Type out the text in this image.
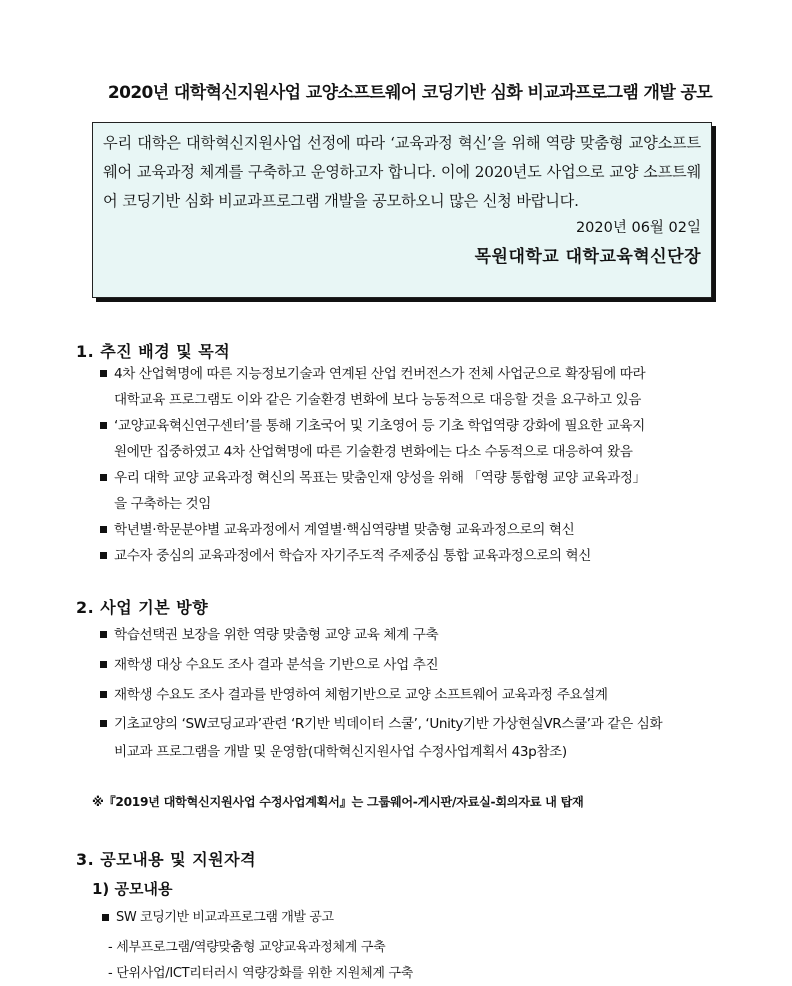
2020년 대학혁신지원사업 교양소프트웨어 코딩기반 심화 비교과프로그램 개발 공모

우리 대학은 대학혁신지원사업 선정에 따라 ‘교육과정 혁신’을 위해 역량 맞춤형 교양소프트웨어 교육과정 체계를 구축하고 운영하고자 합니다. 이에 2020년도 사업으로 교양 소프트웨어 코딩기반 심화 비교과프로그램 개발을 공모하오니 많은 신청 바랍니다.

2020년 06월 02일
목원대학교 대학교육혁신단장
1. 추진 배경 및 목적
4차 산업혁명에 따른 지능정보기술과 연계된 산업 컨버전스가 전체 사업군으로 확장됨에 따라
대학교육 프로그램도 이와 같은 기술환경 변화에 보다 능동적으로 대응할 것을 요구하고 있음
‘교양교육혁신연구센터’를 통해 기초국어 및 기초영어 등 기초 학업역량 강화에 필요한 교육지
원에만 집중하였고 4차 산업혁명에 따른 기술환경 변화에는 다소 수동적으로 대응하여 왔음
우리 대학 교양 교육과정 혁신의 목표는 맞춤인재 양성을 위해 「역량 통합형 교양 교육과정」
을 구축하는 것임
학년별·학문분야별 교육과정에서 계열별·핵심역량별 맞춤형 교육과정으로의 혁신
교수자 중심의 교육과정에서 학습자 자기주도적 주제중심 통합 교육과정으로의 혁신
2. 사업 기본 방향
학습선택권 보장을 위한 역량 맞춤형 교양 교육 체계 구축
재학생 대상 수요도 조사 결과 분석을 기반으로 사업 추진
재학생 수요도 조사 결과를 반영하여 체험기반으로 교양 소프트웨어 교육과정 주요설계
기초교양의 ‘SW코딩교과’관련 ‘R기반 빅데이터 스쿨’, ‘Unity기반 가상현실VR스쿨’과 같은 심화
비교과 프로그램을 개발 및 운영함(대학혁신지원사업 수정사업계획서 43p참조)
※『2019년 대학혁신지원사업 수정사업계획서』는 그룹웨어-게시판/자료실-회의자료 내 탑재
3. 공모내용 및 지원자격
1) 공모내용
SW 코딩기반 비교과프로그램 개발 공고
- 세부프로그램/역량맞춤형 교양교육과정체계 구축
- 단위사업/ICT리터러시 역량강화를 위한 지원체계 구축
